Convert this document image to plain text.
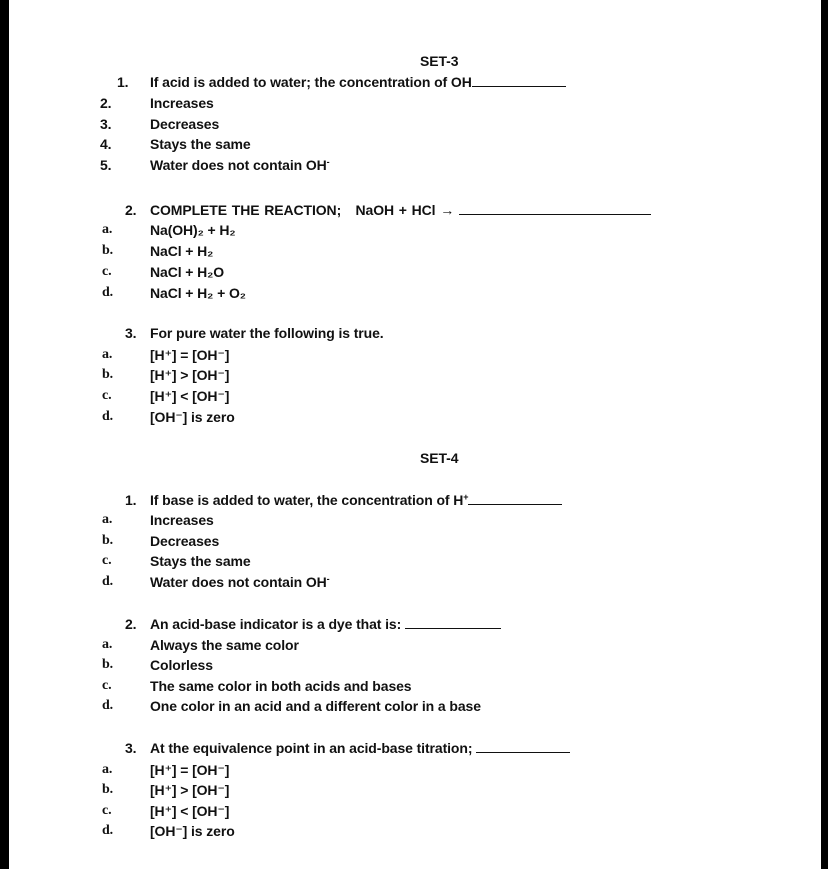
SET-3
1. If acid is added to water; the concentration of OH
2.	Increases
3.	Decreases
4.	Stays the same
5.	Water does not contain OH-
2. COMPLETE THE REACTION;   NaOH + HCl →
a.	Na(OH)₂ + H₂
b.	NaCl + H₂
c.	NaCl + H₂O
d.	NaCl + H₂ + O₂
3. For pure water the following is true.
a.	[H⁺] = [OH⁻]
b.	[H⁺] > [OH⁻]
c.	[H⁺] < [OH⁻]
d.	[OH⁻] is zero
SET-4
1. If base is added to water, the concentration of H+
a.	Increases
b.	Decreases
c.	Stays the same
d.	Water does not contain OH-
2. An acid-base indicator is a dye that is:
a.	Always the same color
b.	Colorless
c.	The same color in both acids and bases
d.	One color in an acid and a different color in a base
3. At the equivalence point in an acid-base titration;
a.	[H⁺] = [OH⁻]
b.	[H⁺] > [OH⁻]
c.	[H⁺] < [OH⁻]
d.	[OH⁻] is zero
